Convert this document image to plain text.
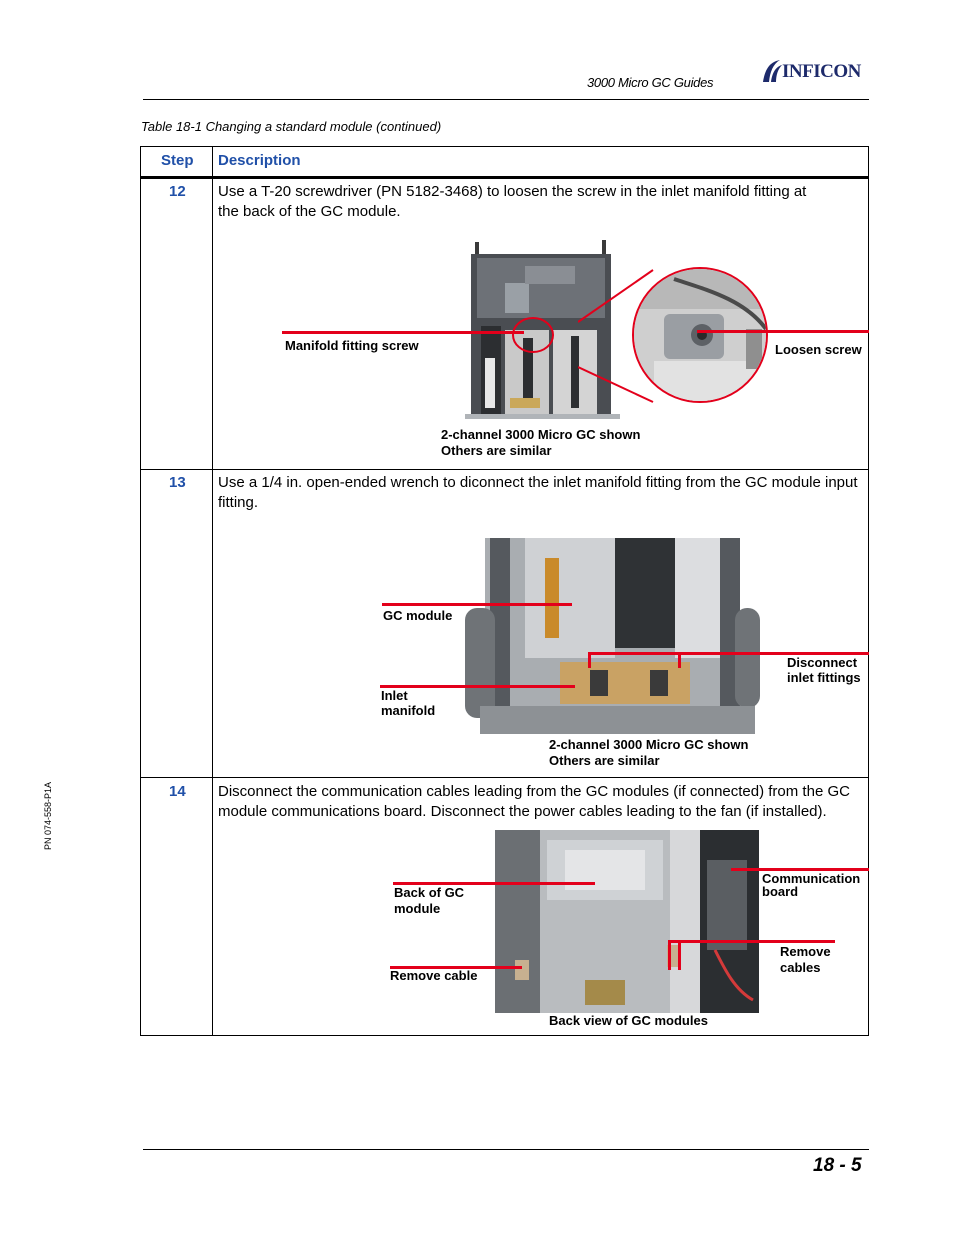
3000 Micro GC Guides
INFICON
Table 18-1 Changing a standard module (continued)
Step Description
12 Use a T-20 screwdriver (PN 5182-3468) to loosen the screw in the inlet manifold fitting at the back of the GC module.
Manifold fitting screw	Loosen screw
2-channel 3000 Micro GC shown
Others are similar
13 Use a 1/4 in. open-ended wrench to diconnect the inlet manifold fitting from the GC module input fitting.
GC module
Inlet
manifold
Disconnect
inlet fittings
2-channel 3000 Micro GC shown
Others are similar
14 Disconnect the communication cables leading from the GC modules (if connected) from the GC module communications board. Disconnect the power cables leading to the fan (if installed).
Back of GC
module
Remove cable
Communication
board
Remove
cables
Back view of GC modules
18 - 5
PN 074-558-P1A
